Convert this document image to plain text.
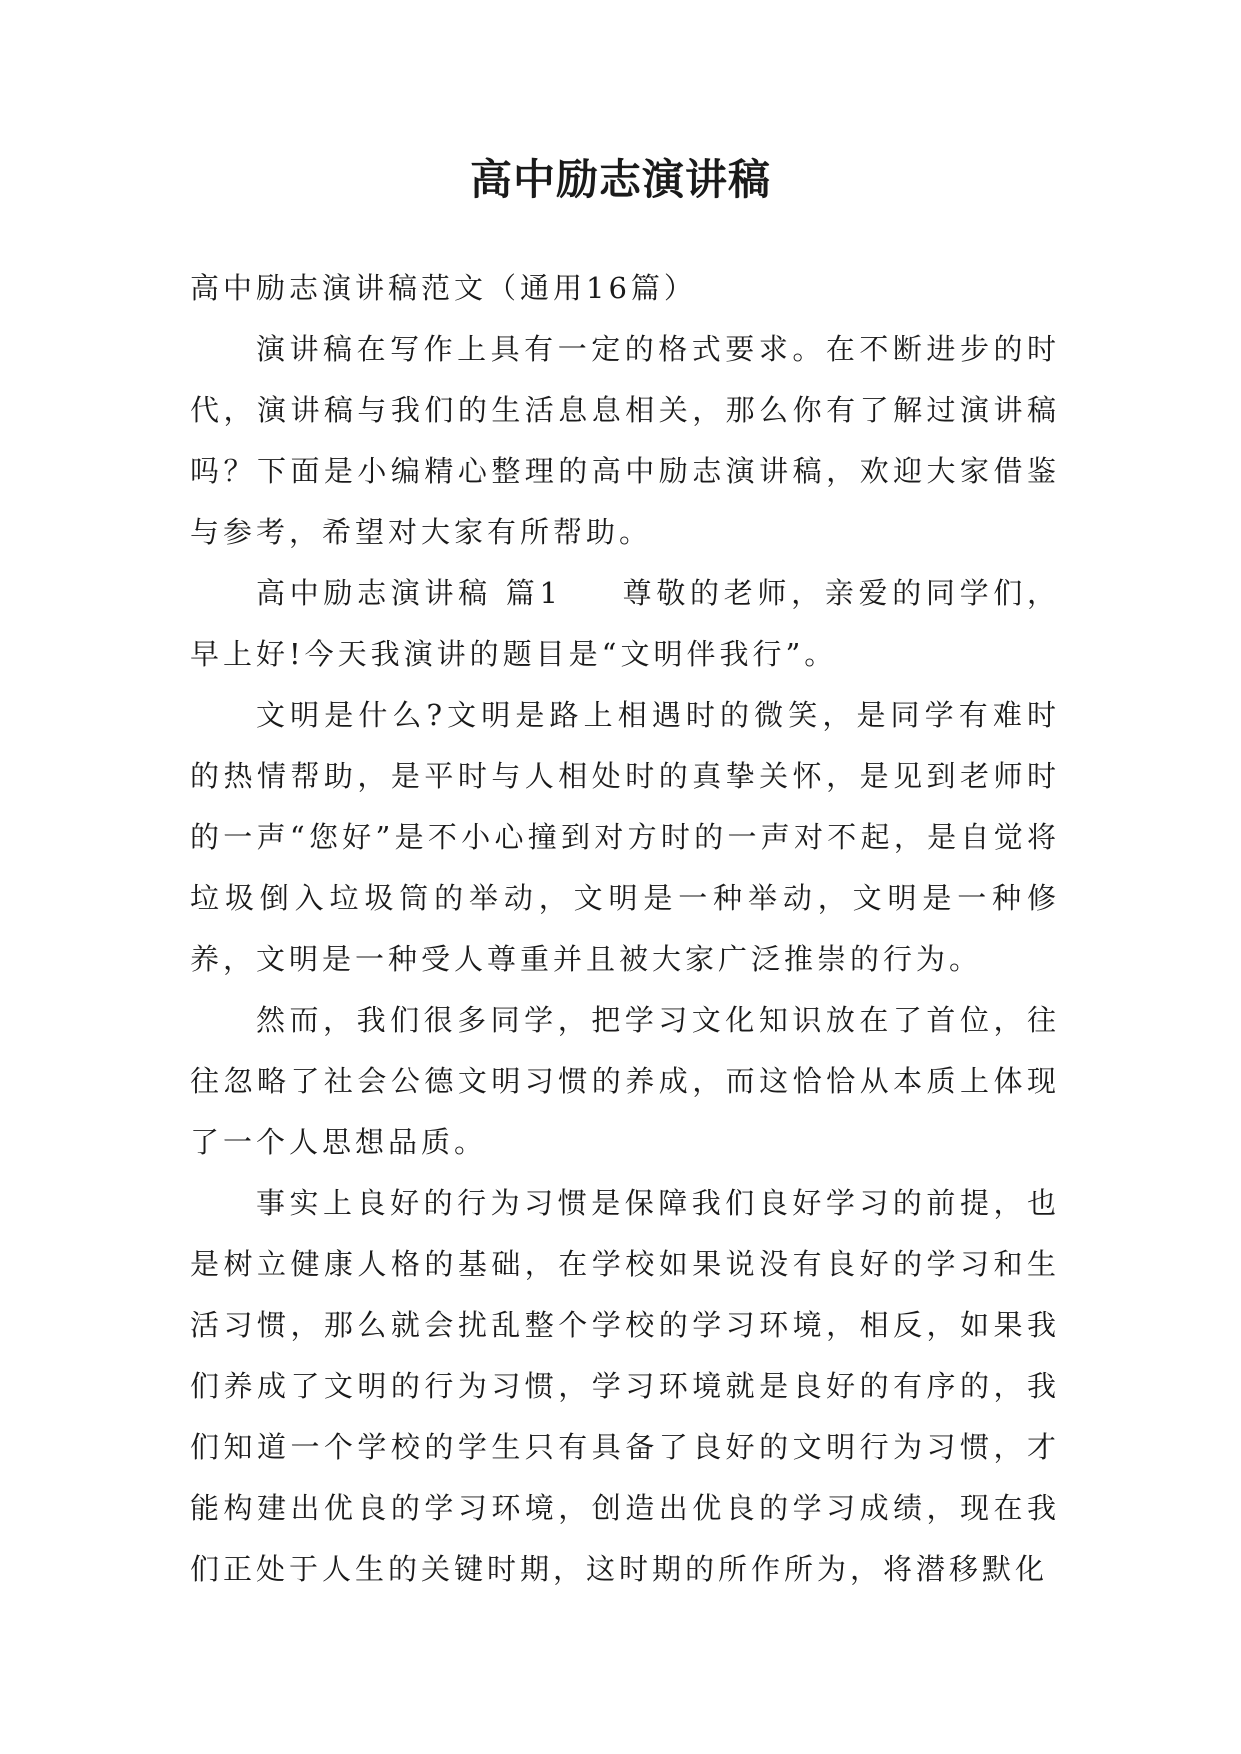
高中励志演讲稿

高中励志演讲稿范文（通用16篇）

演讲稿在写作上具有一定的格式要求。在不断进步的时代，演讲稿与我们的生活息息相关，那么你有了解过演讲稿吗？下面是小编精心整理的高中励志演讲稿，欢迎大家借鉴与参考，希望对大家有所帮助。

高中励志演讲稿 篇1 尊敬的老师，亲爱的同学们，早上好!今天我演讲的题目是“文明伴我行”。

文明是什么?文明是路上相遇时的微笑，是同学有难时的热情帮助，是平时与人相处时的真挚关怀，是见到老师时的一声“您好”是不小心撞到对方时的一声对不起，是自觉将垃圾倒入垃圾筒的举动，文明是一种举动，文明是一种修养，文明是一种受人尊重并且被大家广泛推崇的行为。

然而，我们很多同学，把学习文化知识放在了首位，往往忽略了社会公德文明习惯的养成，而这恰恰从本质上体现了一个人思想品质。

事实上良好的行为习惯是保障我们良好学习的前提，也是树立健康人格的基础，在学校如果说没有良好的学习和生活习惯，那么就会扰乱整个学校的学习环境，相反，如果我们养成了文明的行为习惯，学习环境就是良好的有序的，我们知道一个学校的学生只有具备了良好的文明行为习惯，才能构建出优良的学习环境，创造出优良的学习成绩，现在我们正处于人生的关键时期，这时期的所作所为，将潜移默化
